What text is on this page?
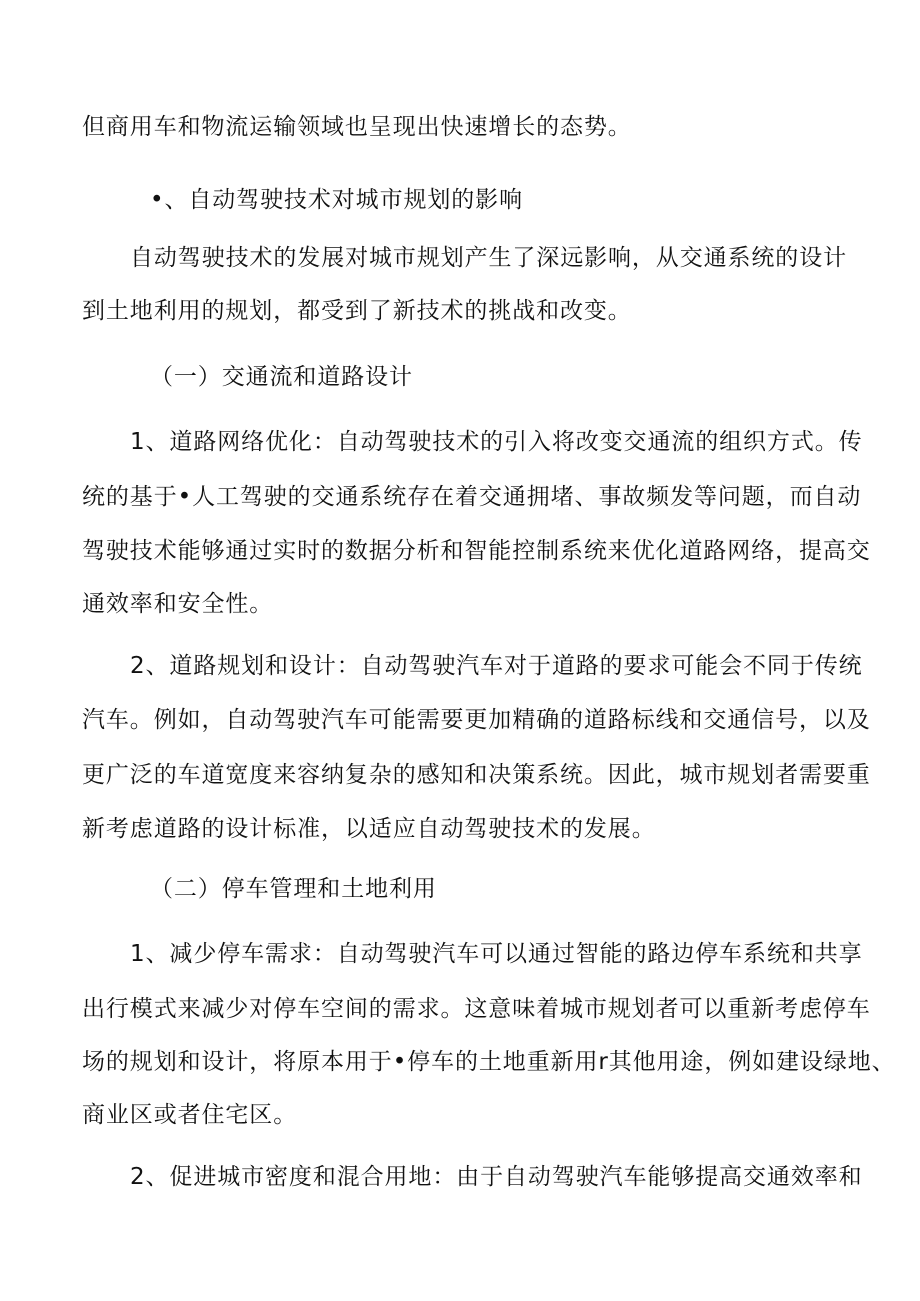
但商用车和物流运输领域也呈现出快速增长的态势。
•、自动驾驶技术对城市规划的影响
自动驾驶技术的发展对城市规划产生了深远影响，从交通系统的设计
到土地利用的规划，都受到了新技术的挑战和改变。
（一）交通流和道路设计
1、道路网络优化：自动驾驶技术的引入将改变交通流的组织方式。传
统的基于•人工驾驶的交通系统存在着交通拥堵、事故频发等问题，而自动
驾驶技术能够通过实时的数据分析和智能控制系统来优化道路网络，提高交
通效率和安全性。
2、道路规划和设计：自动驾驶汽车对于道路的要求可能会不同于传统
汽车。例如，自动驾驶汽车可能需要更加精确的道路标线和交通信号，以及
更广泛的车道宽度来容纳复杂的感知和决策系统。因此，城市规划者需要重
新考虑道路的设计标准，以适应自动驾驶技术的发展。
（二）停车管理和土地利用
1、减少停车需求：自动驾驶汽车可以通过智能的路边停车系统和共享
出行模式来减少对停车空间的需求。这意味着城市规划者可以重新考虑停车
场的规划和设计，将原本用于•停车的土地重新用r其他用途，例如建设绿地、
商业区或者住宅区。
2、促进城市密度和混合用地：由于自动驾驶汽车能够提高交通效率和
